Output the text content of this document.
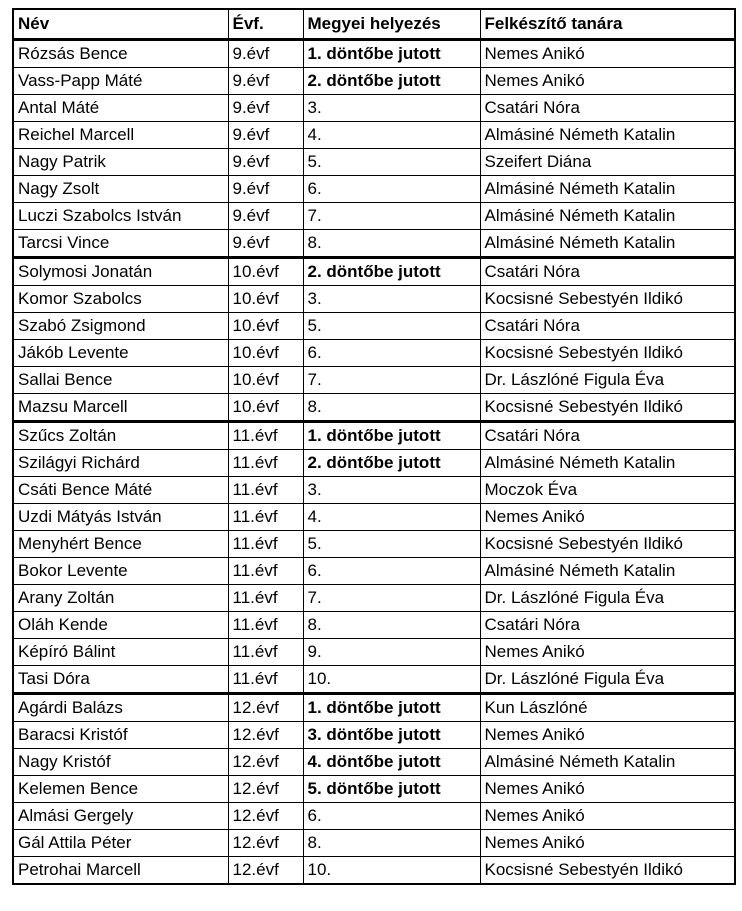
Név	Évf.	Megyei helyezés	Felkészítő tanára
Rózsás Bence	9.évf	1. döntőbe jutott	Nemes Anikó
Vass-Papp Máté	9.évf	2. döntőbe jutott	Nemes Anikó
Antal Máté	9.évf	3.	Csatári Nóra
Reichel Marcell	9.évf	4.	Almásiné Németh Katalin
Nagy Patrik	9.évf	5.	Szeifert Diána
Nagy Zsolt	9.évf	6.	Almásiné Németh Katalin
Luczi Szabolcs István	9.évf	7.	Almásiné Németh Katalin
Tarcsi Vince	9.évf	8.	Almásiné Németh Katalin
Solymosi Jonatán	10.évf	2. döntőbe jutott	Csatári Nóra
Komor Szabolcs	10.évf	3.	Kocsisné Sebestyén Ildikó
Szabó Zsigmond	10.évf	5.	Csatári Nóra
Jákób Levente	10.évf	6.	Kocsisné Sebestyén Ildikó
Sallai Bence	10.évf	7.	Dr. Lászlóné Figula Éva
Mazsu Marcell	10.évf	8.	Kocsisné Sebestyén Ildikó
Szűcs Zoltán	11.évf	1. döntőbe jutott	Csatári Nóra
Szilágyi Richárd	11.évf	2. döntőbe jutott	Almásiné Németh Katalin
Csáti Bence Máté	11.évf	3.	Moczok Éva
Uzdi Mátyás István	11.évf	4.	Nemes Anikó
Menyhért Bence	11.évf	5.	Kocsisné Sebestyén Ildikó
Bokor Levente	11.évf	6.	Almásiné Németh Katalin
Arany Zoltán	11.évf	7.	Dr. Lászlóné Figula Éva
Oláh Kende	11.évf	8.	Csatári Nóra
Képíró Bálint	11.évf	9.	Nemes Anikó
Tasi Dóra	11.évf	10.	Dr. Lászlóné Figula Éva
Agárdi Balázs	12.évf	1. döntőbe jutott	Kun Lászlóné
Baracsi Kristóf	12.évf	3. döntőbe jutott	Nemes Anikó
Nagy Kristóf	12.évf	4. döntőbe jutott	Almásiné Németh Katalin
Kelemen Bence	12.évf	5. döntőbe jutott	Nemes Anikó
Almási Gergely	12.évf	6.	Nemes Anikó
Gál Attila Péter	12.évf	8.	Nemes Anikó
Petrohai Marcell	12.évf	10.	Kocsisné Sebestyén Ildikó
